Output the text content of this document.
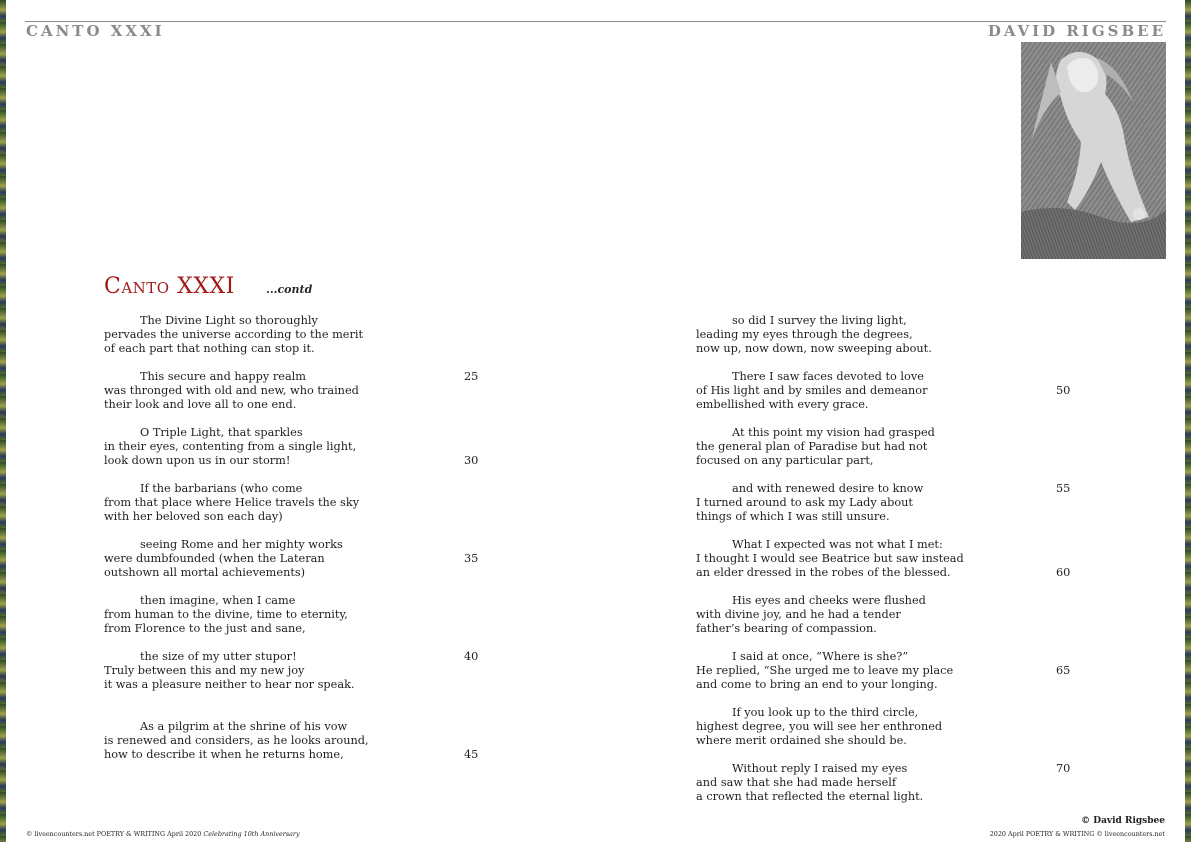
CANTO XXXI	DAVID RIGSBEE
Canto XXXI	...contd
The Divine Light so thoroughly
pervades the universe according to the merit
of each part that nothing can stop it.
This secure and happy realm
was thronged with old and new, who trained
their look and love all to one end.
O Triple Light, that sparkles
in their eyes, contenting from a single light,
look down upon us in our storm!
If the barbarians (who come
from that place where Helice travels the sky
with her beloved son each day)
seeing Rome and her mighty works
were dumbfounded (when the Lateran
outshown all mortal achievements)
then imagine, when I came
from human to the divine, time to eternity,
from Florence to the just and sane,
the size of my utter stupor!
Truly between this and my new joy
it was a pleasure neither to hear nor speak.
As a pilgrim at the shrine of his vow
is renewed and considers, as he looks around,
how to describe it when he returns home,
25
30
35
40
45
so did I survey the living light,
leading my eyes through the degrees,
now up, now down, now sweeping about.
There I saw faces devoted to love
of His light and by smiles and demeanor
embellished with every grace.
At this point my vision had grasped
the general plan of Paradise but had not
focused on any particular part,
and with renewed desire to know
I turned around to ask my Lady about
things of which I was still unsure.
What I expected was not what I met:
I thought I would see Beatrice but saw instead
an elder dressed in the robes of the blessed.
His eyes and cheeks were flushed
with divine joy, and he had a tender
father’s bearing of compassion.
I said at once, “Where is she?”
He replied, “She urged me to leave my place
and come to bring an end to your longing.
If you look up to the third circle,
highest degree, you will see her enthroned
where merit ordained she should be.
Without reply I raised my eyes
and saw that she had made herself
a crown that reflected the eternal light.
50
55
60
65
70
© liveencounters.net POETRY & WRITING April 2020 Celebrating 10th Anniversary
© David Rigsbee
2020 April POETRY & WRITING © liveencounters.net
